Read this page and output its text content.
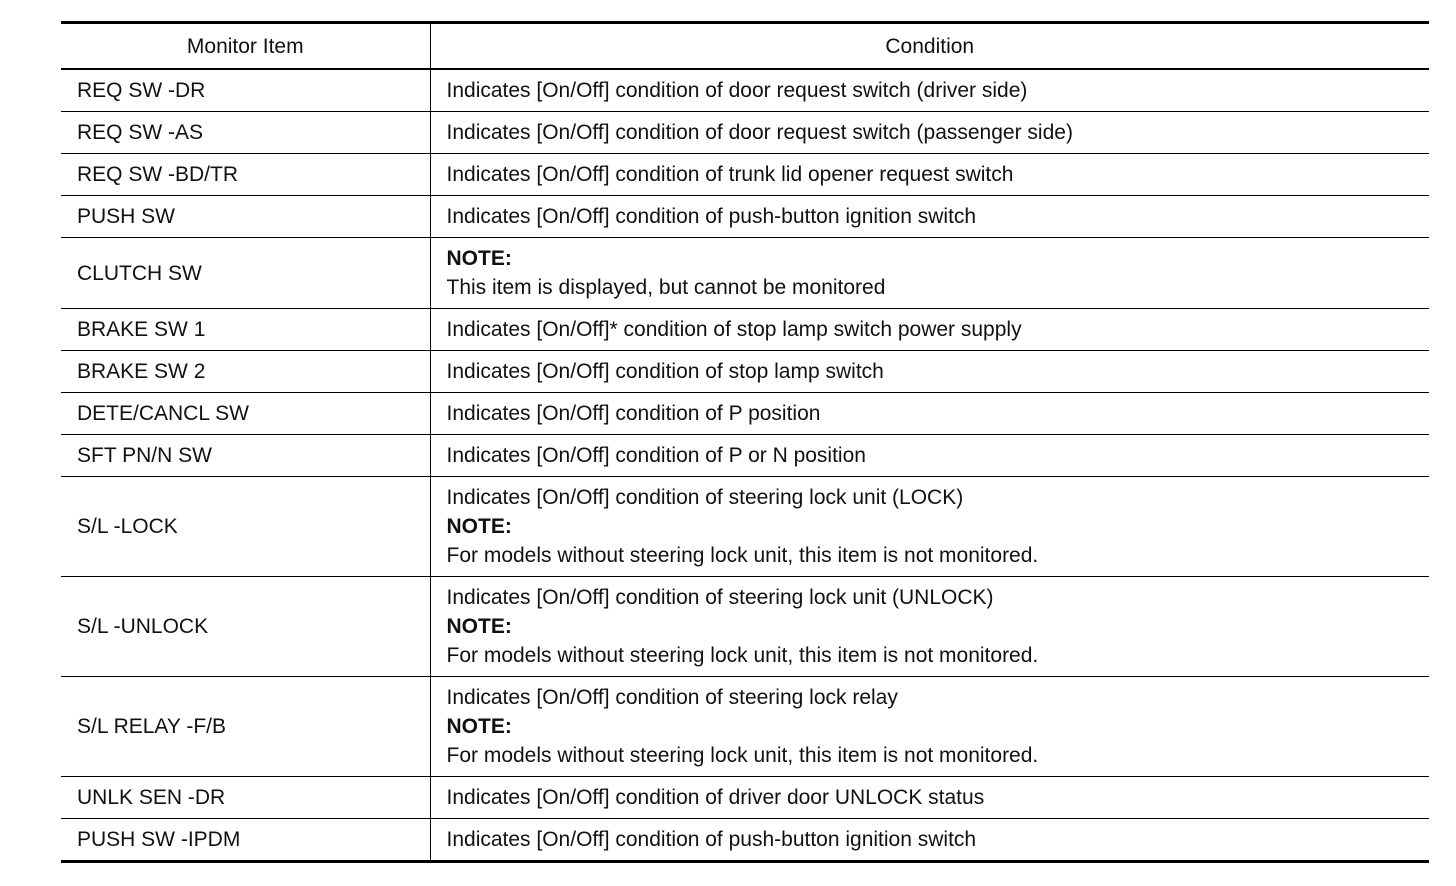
Monitor Item	Condition
REQ SW -DR	Indicates [On/Off] condition of door request switch (driver side)

REQ SW -AS	Indicates [On/Off] condition of door request switch (passenger side)

REQ SW -BD/TR	Indicates [On/Off] condition of trunk lid opener request switch

PUSH SW	Indicates [On/Off] condition of push-button ignition switch

CLUTCH SW	NOTE:
This item is displayed, but cannot be monitored

BRAKE SW 1	Indicates [On/Off]* condition of stop lamp switch power supply

BRAKE SW 2	Indicates [On/Off] condition of stop lamp switch

DETE/CANCL SW	Indicates [On/Off] condition of P position

SFT PN/N SW	Indicates [On/Off] condition of P or N position

S/L -LOCK	Indicates [On/Off] condition of steering lock unit (LOCK)
NOTE:
For models without steering lock unit, this item is not monitored.

S/L -UNLOCK	Indicates [On/Off] condition of steering lock unit (UNLOCK)
NOTE:
For models without steering lock unit, this item is not monitored.

S/L RELAY -F/B	Indicates [On/Off] condition of steering lock relay
NOTE:
For models without steering lock unit, this item is not monitored.

UNLK SEN -DR	Indicates [On/Off] condition of driver door UNLOCK status

PUSH SW -IPDM	Indicates [On/Off] condition of push-button ignition switch
